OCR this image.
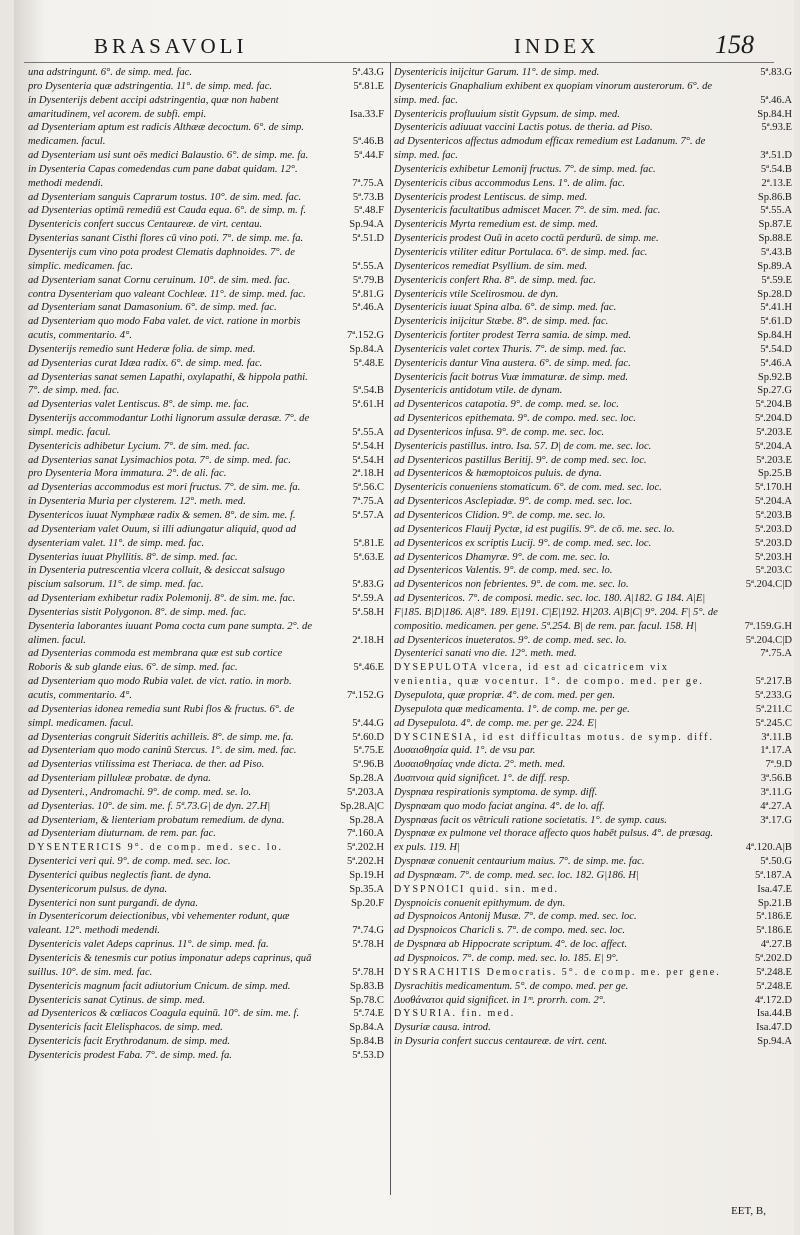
BRASAVOLI	INDEX	158
una adstringunt. 6°. de simp. med. fac.	5ª.43.G
pro Dysenteria quæ adstringentia. 11°. de simp. med. fac.	5ª.81.E
in Dysenterijs debent accipi adstringentia, quæ non habent amaritudinem, vel acorem. de subfi. empi.	Isa.33.F
ad Dysenteriam aptum est radicis Althææ decoctum. 6°. de simp. medicamen. facul.	5ª.46.B
ad Dysenteriam usi sunt oës medici Balaustio. 6°. de simp. me. fa.	5ª.44.F
in Dysenteria Capas comedendas cum pane dabat quidam. 12°. methodi medendi.	7ª.75.A
ad Dysenteriam sanguis Caprarum tostus. 10°. de sim. med. fac.	5ª.73.B
ad Dysenterias optimū remediū est Cauda equa. 6°. de simp. m. f.	5ª.48.F
Dysentericis confert succus Centaureæ. de virt. centau.	Sp.94.A
Dysenterias sanant Cisthi flores cū vino poti. 7°. de simp. me. fa.	5ª.51.D
Dysenterijs cum vino pota prodest Clematis daphnoides. 7°. de simplic. medicamen. fac.	5ª.55.A
ad Dysenteriam sanat Cornu ceruinum. 10°. de sim. med. fac.	5ª.79.B
contra Dysenteriam quo valeant Cochleæ. 11°. de simp. med. fac.	5ª.81.G
ad Dysenteriam sanat Damasonium. 6°. de simp. med. fac.	5ª.46.A
ad Dysenteriam quo modo Faba valet. de vict. ratione in morbis acutis, commentario. 4°.	7ª.152.G
Dysenterijs remedio sunt Hederæ folia. de simp. med.	Sp.84.A
ad Dysenterias curat Idæa radix. 6°. de simp. med. fac.	5ª.48.E
ad Dysenterias sanat semen Lapathi, oxylapathi, & hippola pathi. 7°. de simp. med. fac.	5ª.54.B
ad Dysenterias valet Lentiscus. 8°. de simp. me. fac.	5ª.61.H
Dysenterijs accommodantur Lothi lignorum assulæ derasæ. 7°. de simpl. medic. facul.	5ª.55.A
Dysentericis adhibetur Lycium. 7°. de sim. med. fac.	5ª.54.H
ad Dysenterias sanat Lysimachios pota. 7°. de simp. med. fac.	5ª.54.H
pro Dysenteria Mora immatura. 2°. de ali. fac.	2ª.18.H
ad Dysenterias accommodus est mori fructus. 7°. de sim. me. fa.	5ª.56.C
in Dysenteria Muria per clysterem. 12°. meth. med.	7ª.75.A
Dysentericos iuuat Nymphææ radix & semen. 8°. de sim. me. f.	5ª.57.A
ad Dysenteriam valet Ouum, si illi adiungatur aliquid, quod ad dysenteriam valet. 11°. de simp. med. fac.	5ª.81.E
Dysenterias iuuat Phyllitis. 8°. de simp. med. fac.	5ª.63.E
in Dysenteria putrescentia vlcera colluit, & desiccat salsugo piscium salsorum. 11°. de simp. med. fac.	5ª.83.G
ad Dysenteriam exhibetur radix Polemonij. 8°. de sim. me. fac.	5ª.59.A
Dysenterias sistit Polygonon. 8°. de simp. med. fac.	5ª.58.H
Dysenteria laborantes iuuant Poma cocta cum pane sumpta. 2°. de alimen. facul.	2ª.18.H
ad Dysenterias commoda est membrana quæ est sub cortice Roboris & sub glande eius. 6°. de simp. med. fac.	5ª.46.E
ad Dysenteriam quo modo Rubia valet. de vict. ratio. in morb. acutis, commentario. 4°.	7ª.152.G
ad Dysenterias idonea remedia sunt Rubi flos & fructus. 6°. de simpl. medicamen. facul.	5ª.44.G
ad Dysenterias congruit Sideritis achilleis. 8°. de simp. me. fa.	5ª.60.D
ad Dysenteriam quo modo caninū Stercus. 1°. de sim. med. fac.	5ª.75.E
ad Dysenterias vtilissima est Theriaca. de ther. ad Piso.	5ª.96.B
ad Dysenteriam pilluleæ probatæ. de dyna.	Sp.28.A
ad Dysenteri., Andromachi. 9°. de comp. med. se. lo.	5ª.203.A
ad Dysenterias. 10°. de sim. me. f. 5ª.73.G| de dyn. 27.H|	Sp.28.A|C
ad Dysenteriam, & lienteriam probatum remedium. de dyna.	Sp.28.A
ad Dysenteriam diuturnam. de rem. par. fac.	7ª.160.A
DYSENTERICIS 9°. de comp. med. sec. lo.	5ª.202.H
Dysenterici veri qui. 9°. de comp. med. sec. loc.	5ª.202.H
Dysenterici quibus neglectis fiant. de dyna.	Sp.19.H
Dysentericorum pulsus. de dyna.	Sp.35.A
Dysenterici non sunt purgandi. de dyna.	Sp.20.F
in Dysentericorum deiectionibus, vbi vehementer rodunt, quæ valeant. 12°. methodi medendi.	7ª.74.G
Dysentericis valet Adeps caprinus. 11°. de simp. med. fa.	5ª.78.H
Dysentericis & tenesmis cur potius imponatur adeps caprinus, quā suillus. 10°. de sim. med. fac.	5ª.78.H
Dysentericis magnum facit adiutorium Cnicum. de simp. med.	Sp.83.B
Dysentericis sanat Cytinus. de simp. med.	Sp.78.C
ad Dysentericos & cœliacos Coagula equinū. 10°. de sim. me. f.	5ª.74.E
Dysentericis facit Elelisphacos. de simp. med.	Sp.84.A
Dysentericis facit Erythrodanum. de simp. med.	Sp.84.B
Dysentericis prodest Faba. 7°. de simp. med. fa.	5ª.53.D
Dysentericis inijcitur Garum. 11°. de simp. med.	5ª.83.G
Dysentericis Gnaphalium exhibent ex quopiam vinorum austerorum. 6°. de simp. med. fac.	5ª.46.A
Dysentericis profluuium sistit Gypsum. de simp. med.	Sp.84.H
Dysentericis adiuuat vaccini Lactis potus. de theria. ad Piso.	5ª.93.E
ad Dysentericos affectus admodum efficax remedium est Ladanum. 7°. de simp. med. fac.	3ª.51.D
Dysentericis exhibetur Lemonij fructus. 7°. de simp. med. fac.	5ª.54.B
Dysentericis cibus accommodus Lens. 1°. de alim. fac.	2ª.13.E
Dysentericis prodest Lentiscus. de simp. med.	Sp.86.B
Dysentericis facultatibus admiscet Macer. 7°. de sim. med. fac.	5ª.55.A
Dysentericis Myrta remedium est. de simp. med.	Sp.87.E
Dysentericis prodest Ouū in aceto coctū perdurū. de simp. me.	Sp.88.E
Dysentericis vtiliter editur Portulaca. 6°. de simp. med. fac.	5ª.43.B
Dysentericos remediat Psyllium. de sim. med.	Sp.89.A
Dysentericis confert Rha. 8°. de simp. med. fac.	5ª.59.E
Dysentericis vtile Scelirosmou. de dyn.	Sp.28.D
Dysentericis iuuat Spina alba. 6°. de simp. med. fac.	5ª.41.H
Dysentericis inijcitur Stæbe. 8°. de simp. med. fac.	5ª.61.D
Dysentericis fortiter prodest Terra samia. de simp. med.	Sp.84.H
Dysentericis valet cortex Thuris. 7°. de simp. med. fac.	5ª.54.D
Dysentericis dantur Vina austera. 6°. de simp. med. fac.	5ª.46.A
Dysentericis facit botrus Vuæ immaturæ. de simp. med.	Sp.92.B
Dysentericis antidotum vtile. de dynam.	Sp.27.G
ad Dysentericos catapotia. 9°. de comp. med. se. loc.	5ª.204.B
ad Dysentericos epithemata. 9°. de compo. med. sec. loc.	5ª.204.D
ad Dysentericos infusa. 9°. de comp. me. sec. loc.	5ª.203.E
Dysentericis pastillus. intro. Isa. 57. D| de com. me. sec. loc.	5ª.204.A
ad Dysentericos pastillus Beritij. 9°. de comp med. sec. loc.	5ª.203.E
ad Dysentericos & hæmoptoicos puluis. de dyna.	Sp.25.B
Dysentericis conueniens stomaticum. 6°. de com. med. sec. loc.	5ª.170.H
ad Dysentericos Asclepiadæ. 9°. de comp. med. sec. loc.	5ª.204.A
ad Dysentericos Clidion. 9°. de comp. me. sec. lo.	5ª.203.B
ad Dysentericos Flauij Pyctæ, id est pugilis. 9°. de cō. me. sec. lo.	5ª.203.D
ad Dysentericos ex scriptis Lucij. 9°. de comp. med. sec. loc.	5ª.203.D
ad Dysentericos Dhamyræ. 9°. de com. me. sec. lo.	5ª.203.H
ad Dysentericos Valentis. 9°. de comp. med. sec. lo.	5ª.203.C
ad Dysentericos non febrientes. 9°. de com. me. sec. lo.	5ª.204.C|D
ad Dysentericos. 7°. de composi. medic. sec. loc. 180. A|182. G 184. A|E| F|185. B|D|186. A|8°. 189. E|191. C|E|192. H|203. A|B|C| 9°. 204. F| 5°. de compositio. medicamen. per gene. 5ª.254. B| de rem. par. facul. 158. H|	7ª.159.G.H
ad Dysentericos inueteratos. 9°. de comp. med. sec. lo.	5ª.204.C|D
Dysenterici sanati vno die. 12°. meth. med.	7ª.75.A
DYSEPULOTA vlcera, id est ad cicatricem vix venientia, quæ vocentur. 1°. de compo. med. per ge.	5ª.217.B
Dysepulota, quæ propriæ. 4°. de com. med. per gen.	5ª.233.G
Dysepulota quæ medicamenta. 1°. de comp. me. per ge.	5ª.211.C
ad Dysepulota. 4°. de comp. me. per ge. 224. E|	5ª.245.C
DYSCINESIA, id est difficultas motus. de symp. diff.	3ª.11.B
Δυσαισθησία quid. 1°. de vsu par.	1ª.17.A
Δυσαισθησίας vnde dicta. 2°. meth. med.	7ª.9.D
Δυσπνοια quid significet. 1°. de diff. resp.	3ª.56.B
Dyspnœa respirationis symptoma. de symp. diff.	3ª.11.G
Dyspnœam quo modo faciat angina. 4°. de lo. aff.	4ª.27.A
Dyspnœas facit os vētriculi ratione societatis. 1°. de symp. caus.	3ª.17.G
Dyspnœæ ex pulmone vel thorace affecto quos habēt pulsus. 4°. de præsag. ex puls. 119. H|	4ª.120.A|B
Dyspnœæ conuenit centaurium maius. 7°. de simp. me. fac.	5ª.50.G
ad Dyspnœam. 7°. de comp. med. sec. loc. 182. G|186. H|	5ª.187.A
DYSPNOICI quid. sin. med.	Isa.47.E
Dyspnoicis conuenit epithymum. de dyn.	Sp.21.B
ad Dyspnoicos Antonij Musæ. 7°. de comp. med. sec. loc.	5ª.186.E
ad Dyspnoicos Charicli s. 7°. de compo. med. sec. loc.	5ª.186.E
de Dyspnœa ab Hippocrate scriptum. 4°. de loc. affect.	4ª.27.B
ad Dyspnoicos. 7°. de comp. med. sec. lo. 185. E| 9°.	5ª.202.D
DYSRACHITIS Democratis. 5°. de comp. me. per gene.	5ª.248.E
Dysrachitis medicamentum. 5°. de compo. med. per ge.	5ª.248.E
Δυσθάνατοι quid significet. in 1ᵐ. prorrh. com. 2°.	4ª.172.D
DYSURIA. fin. med.	Isa.44.B
Dysuriæ causa. introd.	Isa.47.D
in Dysuria confert succus centaureæ. de virt. cent.	Sp.94.A
EET, B,
